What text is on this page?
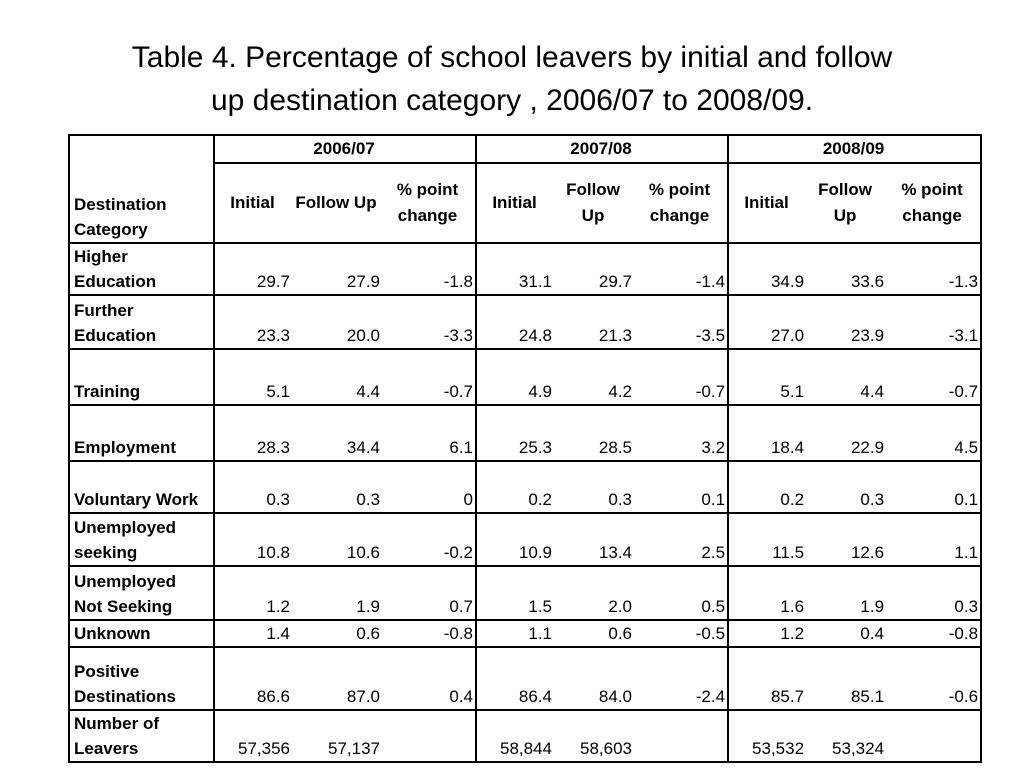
Table 4. Percentage of school leavers by initial and follow
up destination category , 2006/07 to 2008/09.
Destination Category	2006/07			2007/08			2008/09		
	Initial	Follow Up	% point change	Initial	Follow Up	% point change	Initial	Follow Up	% point change
Higher Education	29.7	27.9	-1.8	31.1	29.7	-1.4	34.9	33.6	-1.3
Further Education	23.3	20.0	-3.3	24.8	21.3	-3.5	27.0	23.9	-3.1
Training	5.1	4.4	-0.7	4.9	4.2	-0.7	5.1	4.4	-0.7
Employment	28.3	34.4	6.1	25.3	28.5	3.2	18.4	22.9	4.5
Voluntary Work	0.3	0.3	0	0.2	0.3	0.1	0.2	0.3	0.1
Unemployed seeking	10.8	10.6	-0.2	10.9	13.4	2.5	11.5	12.6	1.1
Unemployed Not Seeking	1.2	1.9	0.7	1.5	2.0	0.5	1.6	1.9	0.3
Unknown	1.4	0.6	-0.8	1.1	0.6	-0.5	1.2	0.4	-0.8
Positive Destinations	86.6	87.0	0.4	86.4	84.0	-2.4	85.7	85.1	-0.6
Number of Leavers	57,356	57,137		58,844	58,603		53,532	53,324	
